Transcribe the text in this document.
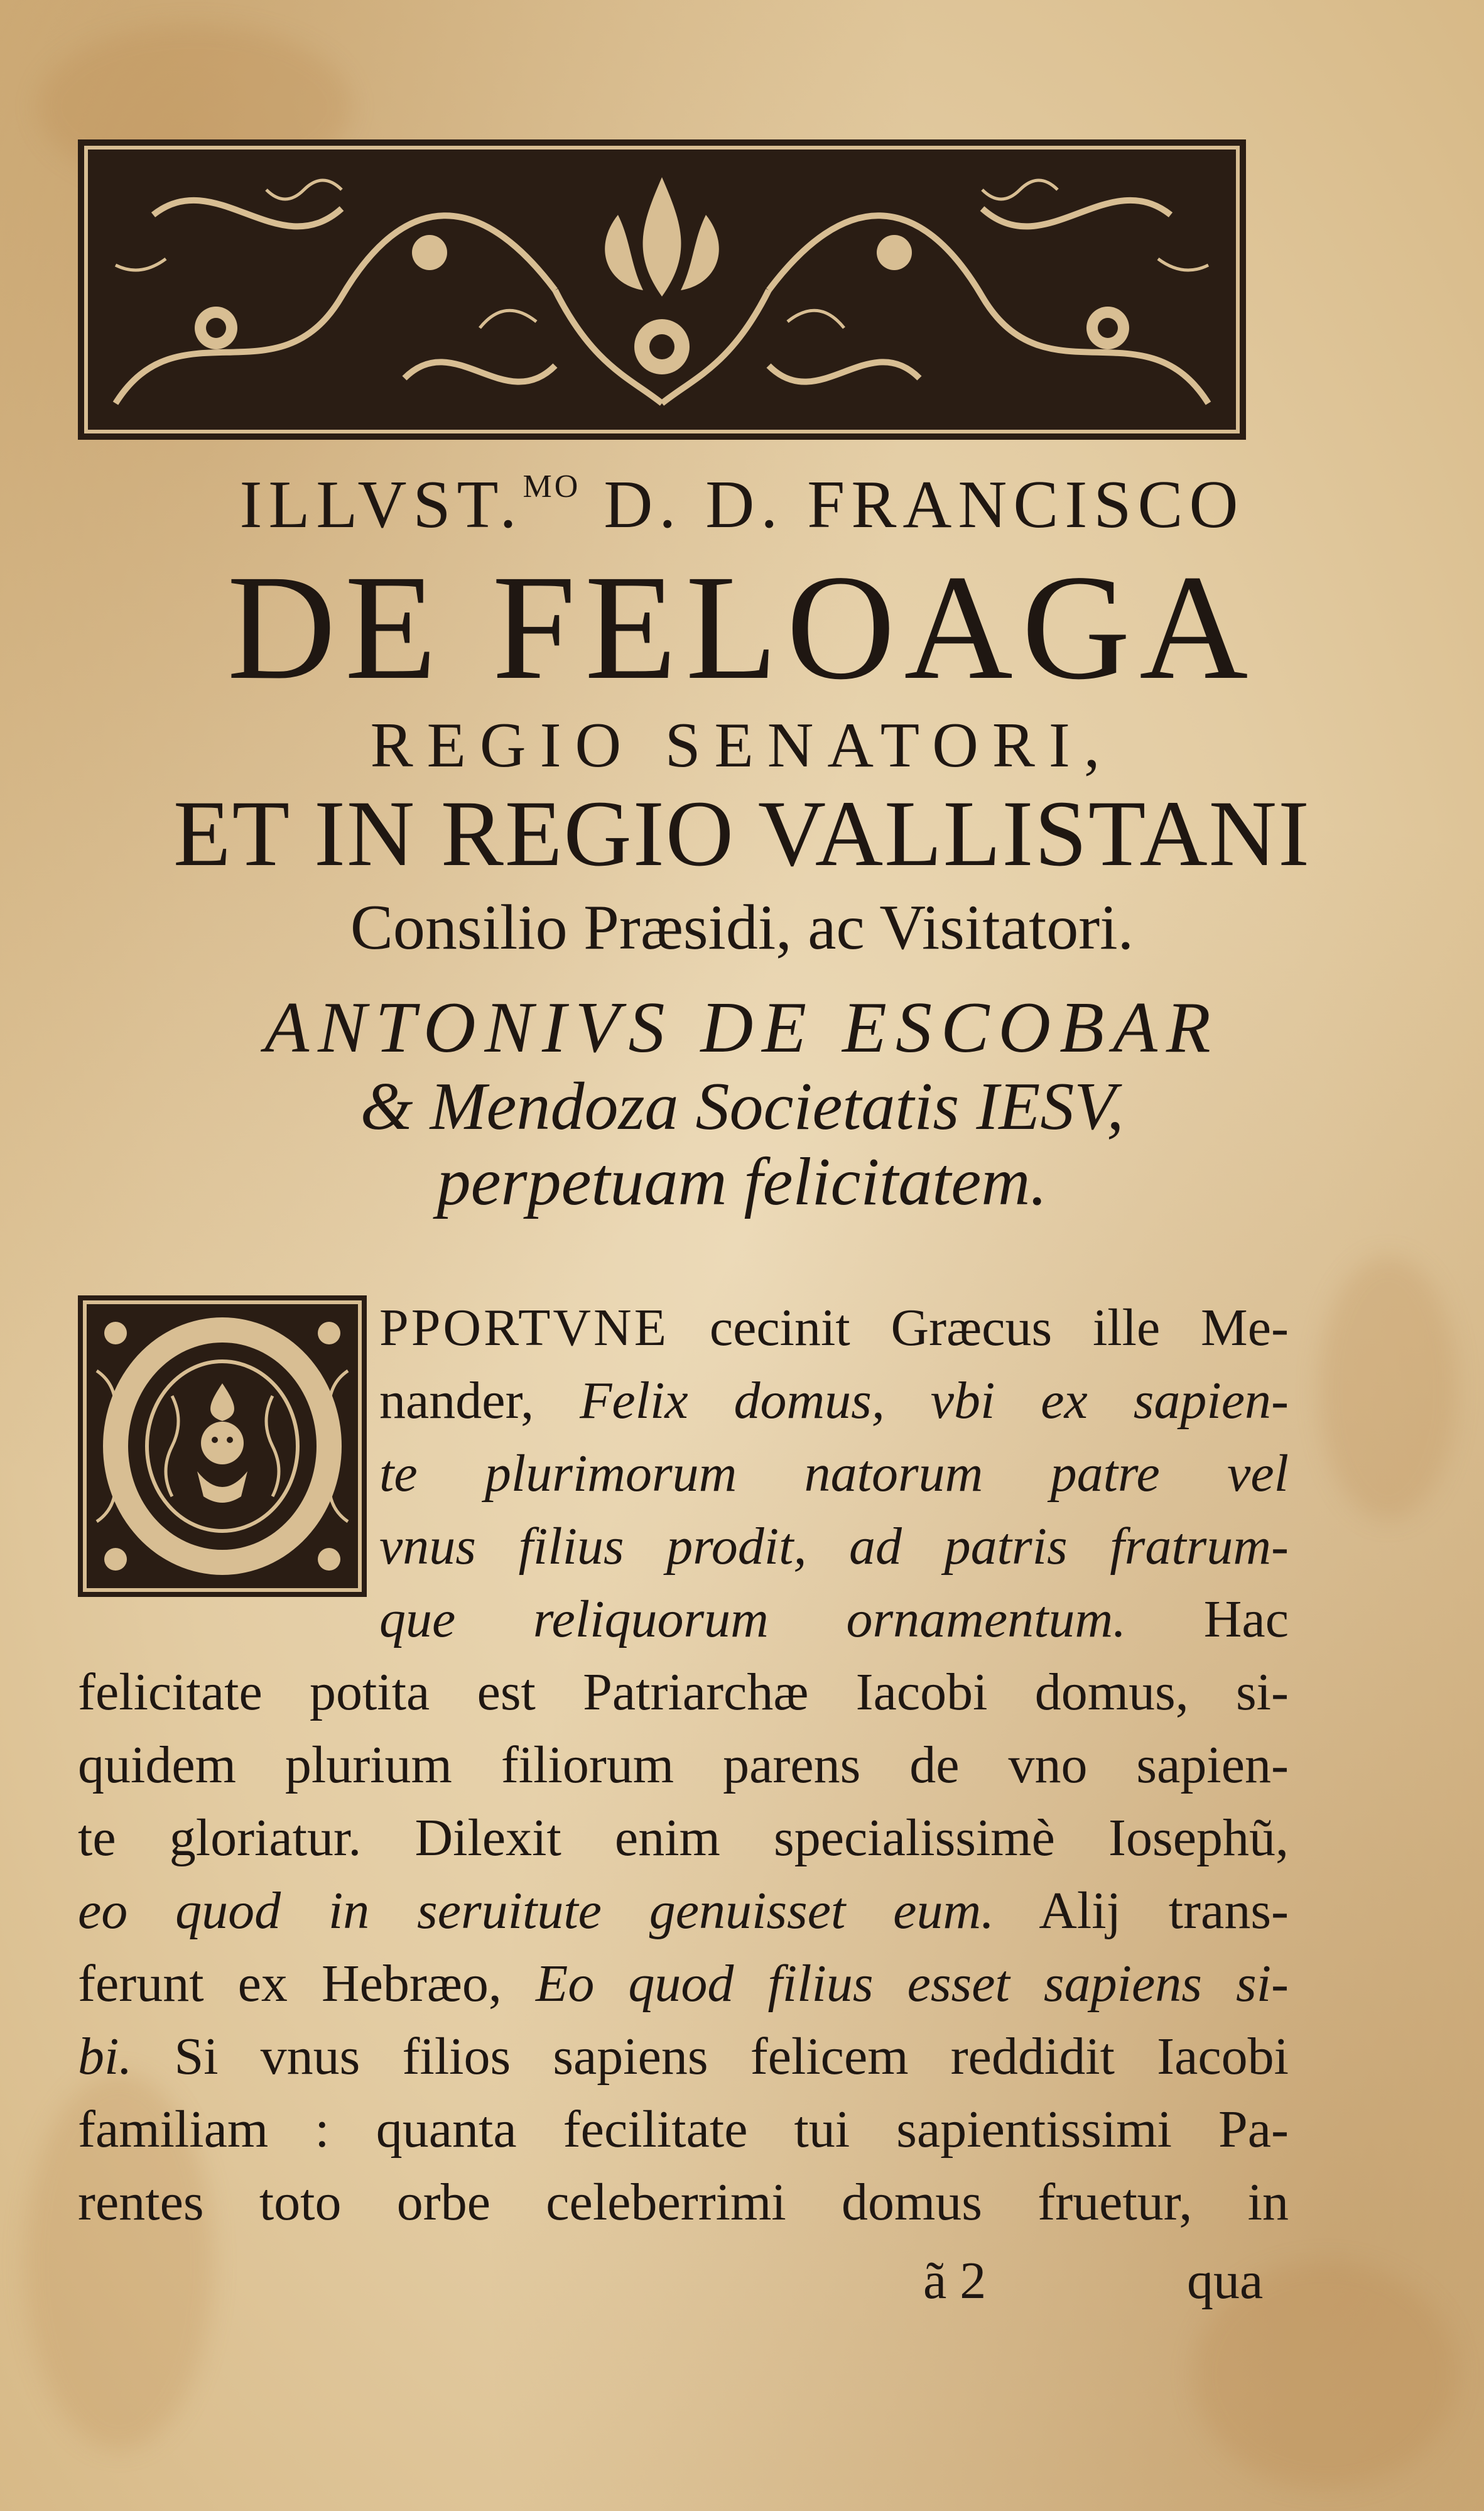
ILLVST.$^{MO}$ D. D. FRANCISCO
DE FELOAGA
REGIO SENATORI,
ET IN REGIO VALLISTANI
Consilio Præsidi, ac Visitatori.
ANTONIVS DE ESCOBAR
& Mendoza Societatis IESV,
perpetuam felicitatem.
PPORTVNE cecinit Græcus ille Me-
nander, Felix domus, vbi ex sapien-
te plurimorum natorum patre vel
vnus filius prodit, ad patris fratrum-
que reliquorum ornamentum. Hac
felicitate potita est Patriarchæ Iacobi domus, si-
quidem plurium filiorum parens de vno sapien-
te gloriatur. Dilexit enim specialissimè Iosephũ,
eo quod in seruitute genuisset eum. Alij trans-
ferunt ex Hebræo, Eo quod filius esset sapiens si-
bi. Si vnus filios sapiens felicem reddidit Iacobi
familiam : quanta fecilitate tui sapientissimi Pa-
rentes toto orbe celeberrimi domus fruetur, in
ã 2	qua
